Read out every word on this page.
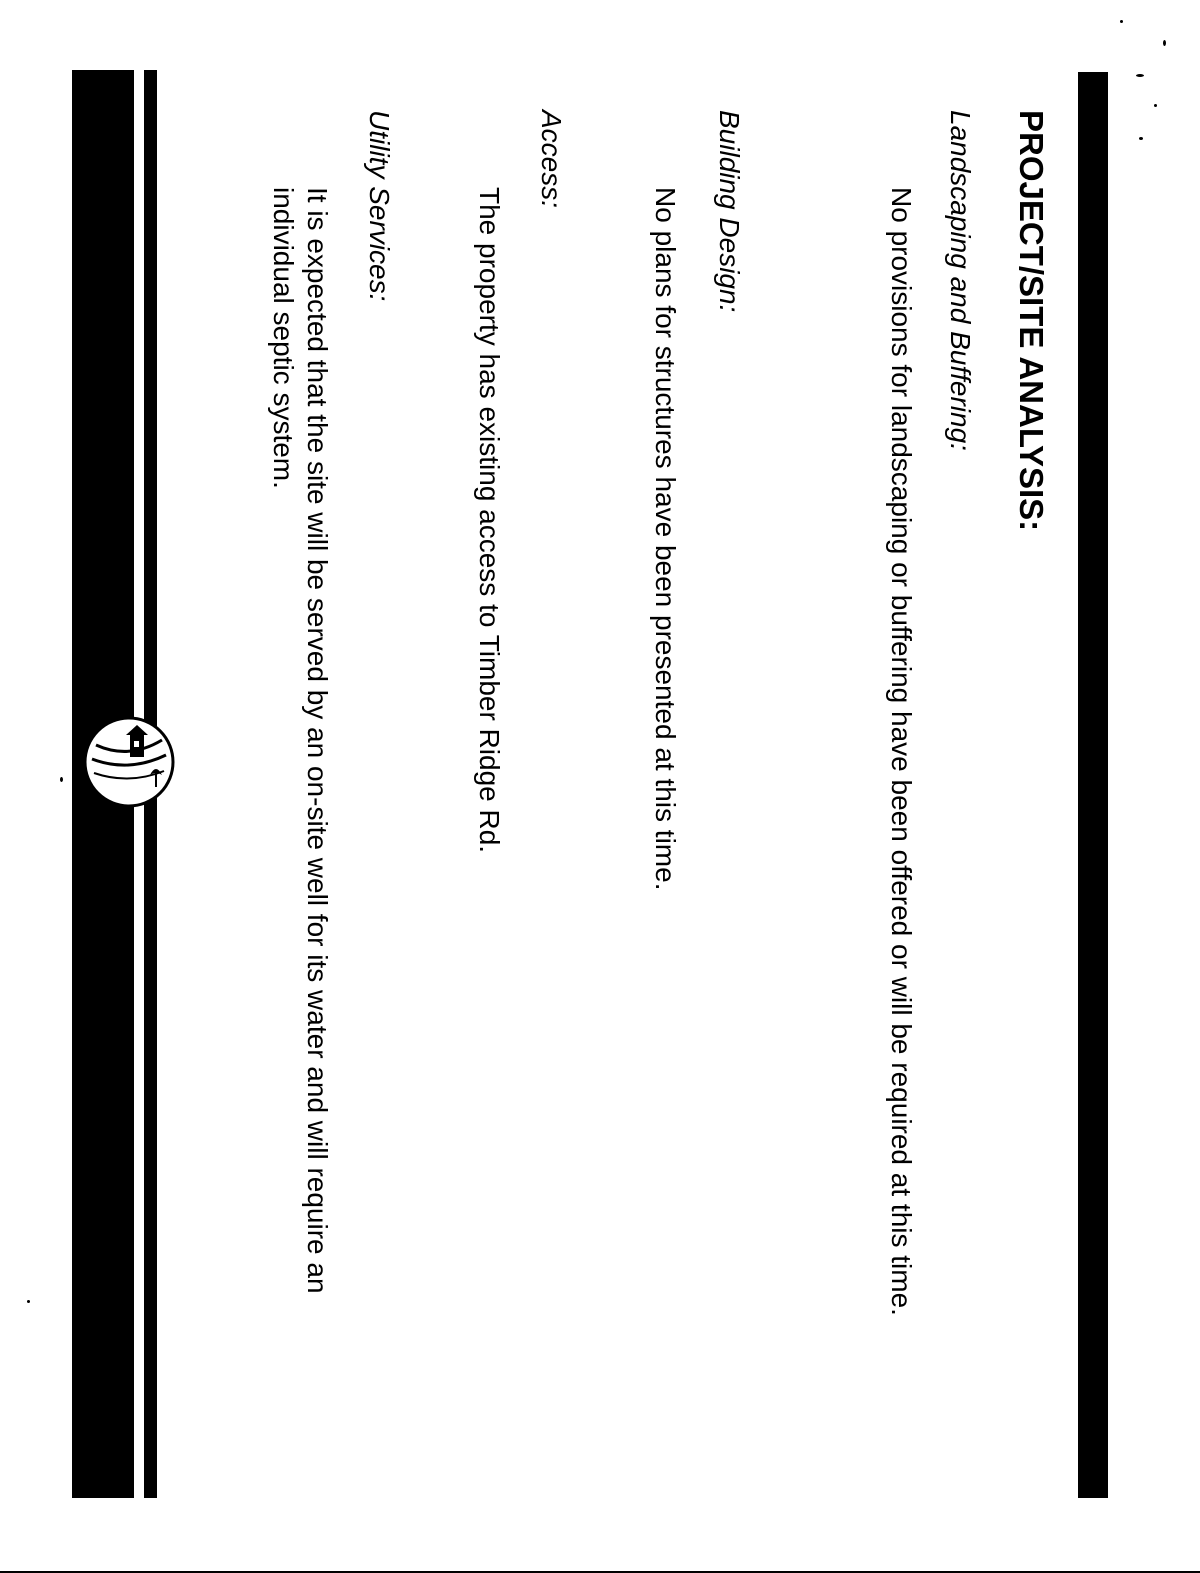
PROJECT/SITE ANALYSIS:
Landscaping and Buffering:

No provisions for landscaping or buffering have been offered or will be required at this time.

Building Design:

No plans for structures have been presented at this time.

Access:

The property has existing access to Timber Ridge Rd.

Utility Services:

It is expected that the site will be served by an on-site well for its water and will require an individual septic system.
